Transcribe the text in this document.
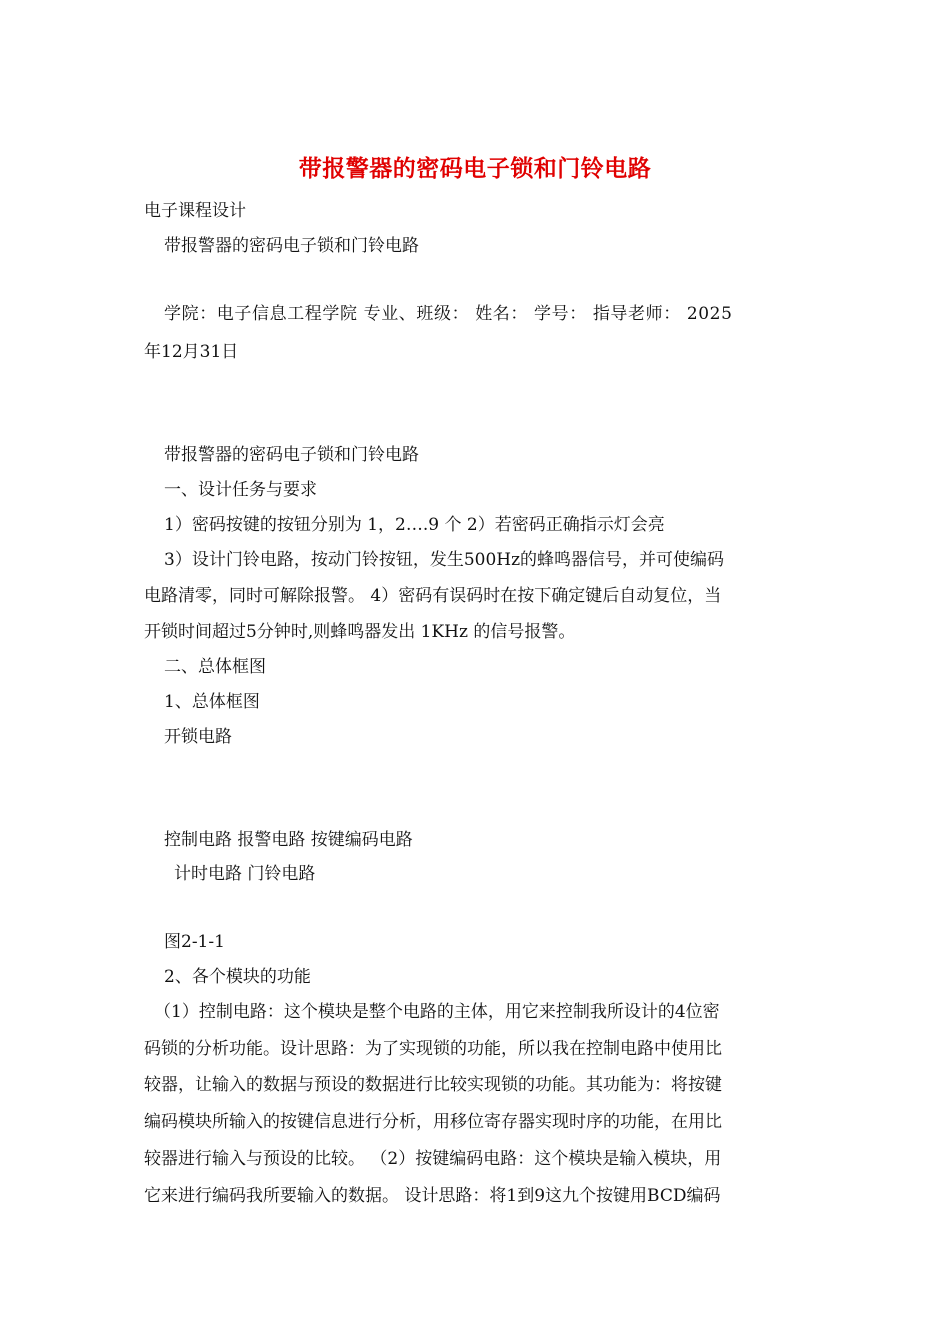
带报警器的密码电子锁和门铃电路
电子课程设计
带报警器的密码电子锁和门铃电路
学院：电子信息工程学院 专业、班级： 姓名： 学号： 指导老师： 2025
年12月31日
带报警器的密码电子锁和门铃电路
一、设计任务与要求
1）密码按键的按钮分别为 1，2….9 个 2）若密码正确指示灯会亮
3）设计门铃电路，按动门铃按钮，发生500Hz的蜂鸣器信号，并可使编码
电路清零，同时可解除报警。 4）密码有误码时在按下确定键后自动复位，当
开锁时间超过5分钟时,则蜂鸣器发出 1KHz 的信号报警。
二、总体框图
1、总体框图
开锁电路
控制电路 报警电路 按键编码电路
计时电路 门铃电路
图2-1-1
2、各个模块的功能
（1）控制电路：这个模块是整个电路的主体，用它来控制我所设计的4位密
码锁的分析功能。设计思路：为了实现锁的功能，所以我在控制电路中使用比
较器，让输入的数据与预设的数据进行比较实现锁的功能。其功能为：将按键
编码模块所输入的按键信息进行分析，用移位寄存器实现时序的功能，在用比
较器进行输入与预设的比较。 （2）按键编码电路：这个模块是输入模块，用
它来进行编码我所要输入的数据。 设计思路：将1到9这九个按键用BCD编码
